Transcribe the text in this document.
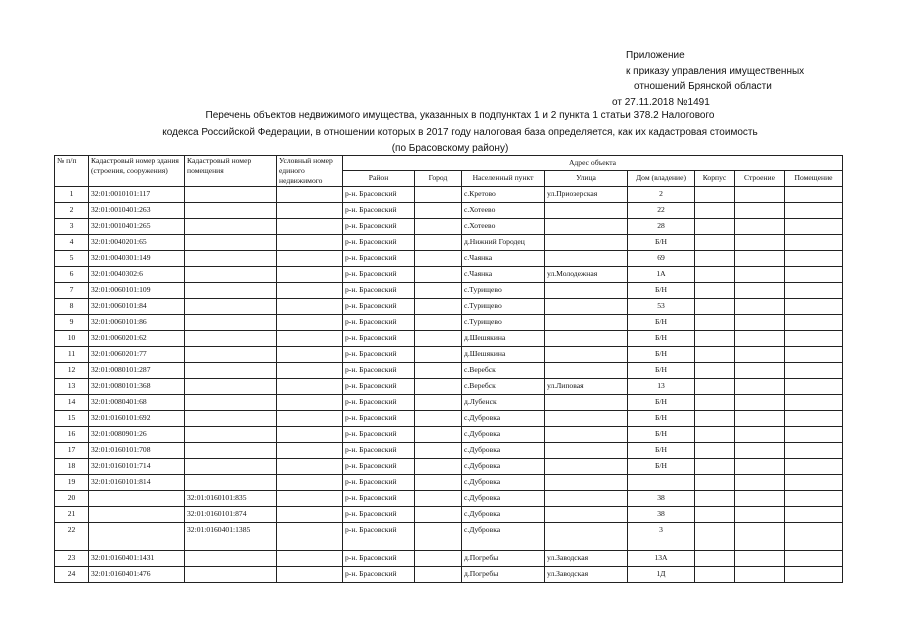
Приложение
к приказу управления имущественных
отношений Брянской области
от 27.11.2018 №1491
Перечень объектов недвижимого имущества, указанных в подпунктах 1 и 2 пункта 1 статьи 378.2 Налогового
кодекса Российской Федерации, в отношении которых в 2017 году налоговая база определяется, как их кадастровая стоимость
(по Брасовскому району)
№ п/п	Кадастровый номер здания (строения, сооружения)	Кадастровый номер помещения	Условный номер единого недвижимого	Адрес объекта							
				Район	Город	Населенный пункт	Улица	Дом (владение)	Корпус	Строение	Помещение
1	32:01:0010101:117			р-н. Брасовский		с.Кретово	ул.Приозерская	2			
2	32:01:0010401:263			р-н. Брасовский		с.Хотеево		22			
3	32:01:0010401:265			р-н. Брасовский		с.Хотеево		28			
4	32:01:0040201:65			р-н. Брасовский		д.Нижний Городец		Б/Н			
5	32:01:0040301:149			р-н. Брасовский		с.Чаянка		69			
6	32:01:0040302:6			р-н. Брасовский		с.Чаянка	ул.Молодежная	1А			
7	32:01:0060101:109			р-н. Брасовский		с.Турищево		Б/Н			
8	32:01:0060101:84			р-н. Брасовский		с.Турищево		53			
9	32:01:0060101:86			р-н. Брасовский		с.Турищево		Б/Н			
10	32:01:0060201:62			р-н. Брасовский		д.Шешякина		Б/Н			
11	32:01:0060201:77			р-н. Брасовский		д.Шешякина		Б/Н			
12	32:01:0080101:287			р-н. Брасовский		с.Веребск		Б/Н			
13	32:01:0080101:368			р-н. Брасовский		с.Веребск	ул.Липовая	13			
14	32:01:0080401:68			р-н. Брасовский		д.Лубенск		Б/Н			
15	32:01:0160101:692			р-н. Брасовский		с.Дубровка		Б/Н			
16	32:01:0080901:26			р-н. Брасовский		с.Дубровка		Б/Н			
17	32:01:0160101:708			р-н. Брасовский		с.Дубровка		Б/Н			
18	32:01:0160101:714			р-н. Брасовский		с.Дубровка		Б/Н			
19	32:01:0160101:814			р-н. Брасовский		с.Дубровка					
20		32:01:0160101:835		р-н. Брасовский		с.Дубровка		38			
21		32:01:0160101:874		р-н. Брасовский		с.Дубровка		38			
22		32:01:0160401:1385		р-н. Брасовский		с.Дубровка		3			
23	32:01:0160401:1431			р-н. Брасовский		д.Погребы	ул.Заводская	13А			
24	32:01:0160401:476			р-н. Брасовский		д.Погребы	ул.Заводская	1Д			
